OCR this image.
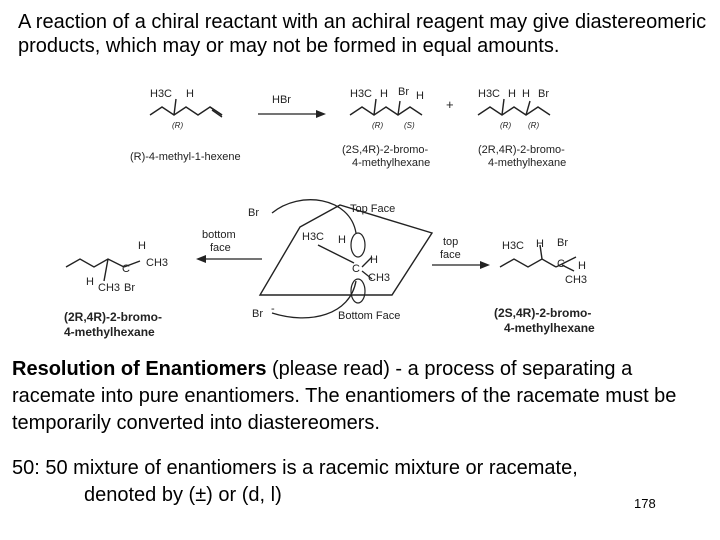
A reaction of a chiral reactant with an achiral reagent may give diastereomeric products, which may or may not be formed in equal amounts.

H3C H
(R)
(R)-4-methyl-1-hexene
HBr	H3C H Br H
(R)	(S)
+
(2S,4R)-2-bromo-
4-methylhexane
H3C H H Br
(R) (R)
(2R,4R)-2-bromo-
4-methylhexane
Top Face
Bottom Face
Br
Br -
H3C H
C
H
CH3
bottom
face	top
face
H
C CH3
H CH3 Br
(2R,4R)-2-bromo-
4-methylhexane
H3C H Br
C H
CH3
(2S,4R)-2-bromo-
4-methylhexane

Resolution of Enantiomers (please read) - a process of separating a racemate into pure enantiomers. The enantiomers of the racemate must be temporarily converted into diastereomers.

50: 50 mixture of enantiomers is a racemic mixture or racemate,
denoted by (±) or (d, l)	178
